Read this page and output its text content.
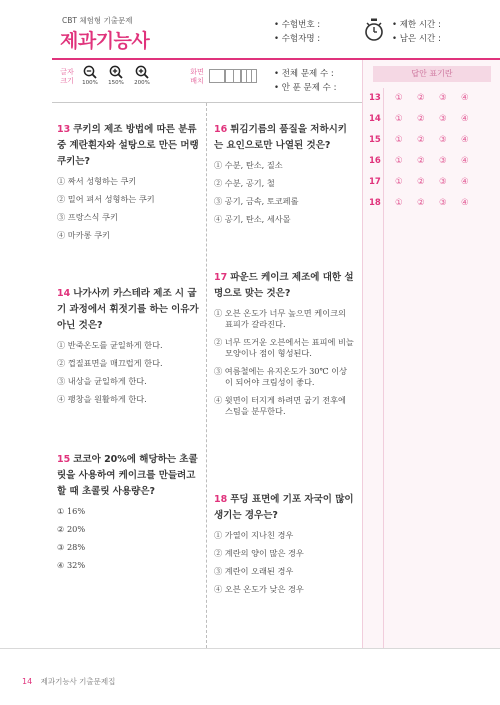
CBT 체험형 기출문제
제과기능사
• 수험번호 :
• 수험자명 :
• 제한 시간 :
• 남은 시간 :
글자 크기	100%	150%	200%
화면 배치
• 전체 문제 수 :
• 안 푼 문제 수 :
13 쿠키의 제조 방법에 따른 분류 중 계란흰자와 설탕으로 만든 머랭 쿠키는?
① 짜서 성형하는 쿠키
② 밀어 펴서 성형하는 쿠키
③ 프랑스식 쿠키
④ 마카롱 쿠키
14 나가사끼 카스테라 제조 시 굽기 과정에서 휘젓기를 하는 이유가 아닌 것은?
① 반죽온도를 균일하게 한다.
② 껍질표면을 매끄럽게 한다.
③ 내상을 균일하게 한다.
④ 팽창을 원활하게 한다.
15 코코아 20%에 해당하는 초콜릿을 사용하여 케이크를 만들려고 할 때 초콜릿 사용량은?
① 16%
② 20%
③ 28%
④ 32%
16 튀김기름의 품질을 저하시키는 요인으로만 나열된 것은?
① 수분, 탄소, 질소
② 수분, 공기, 철
③ 공기, 금속, 토코페롤
④ 공기, 탄소, 세사몰
17 파운드 케이크 제조에 대한 설명으로 맞는 것은?
① 오븐 온도가 너무 높으면 케이크의 표피가 갈라진다.
② 너무 뜨거운 오븐에서는 표피에 비늘 모양이나 점이 형성된다.
③ 여름철에는 유지온도가 30℃ 이상이 되어야 크림성이 좋다.
④ 윗면이 터지게 하려면 굽기 전후에 스팀을 분무한다.
18 푸딩 표면에 기포 자국이 많이 생기는 경우는?
① 가열이 지나친 경우
② 계란의 양이 많은 경우
③ 계란이 오래된 경우
④ 오븐 온도가 낮은 경우
답안 표기란
13 ① ② ③ ④
14 ① ② ③ ④
15 ① ② ③ ④
16 ① ② ③ ④
17 ① ② ③ ④
18 ① ② ③ ④
14 제과기능사 기출문제집
